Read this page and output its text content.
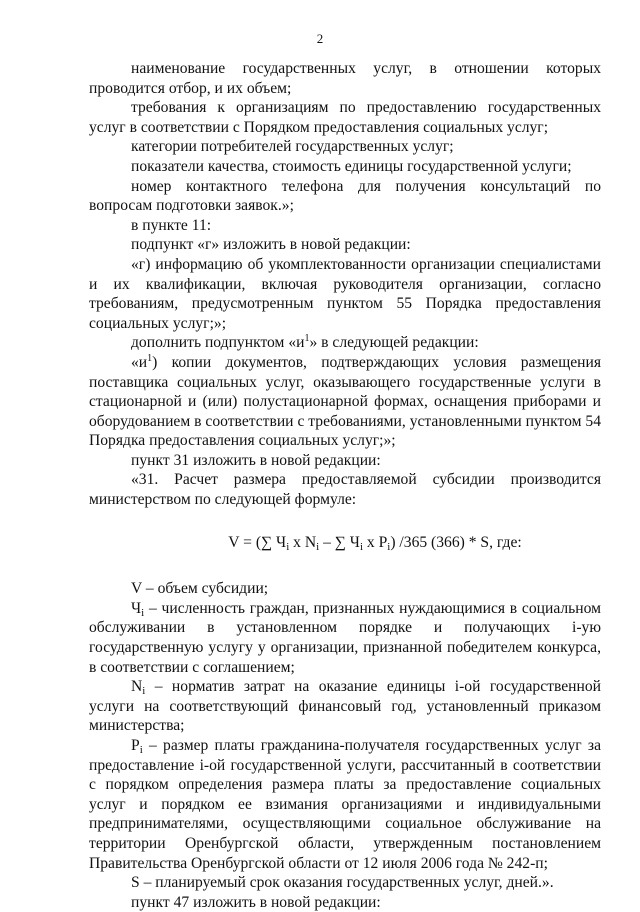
2

наименование государственных услуг, в отношении которых проводится отбор, и их объем;

требования к организациям по предоставлению государственных услуг в соответствии с Порядком предоставления социальных услуг;

категории потребителей государственных услуг;

показатели качества, стоимость единицы государственной услуги;

номер контактного телефона для получения консультаций по вопросам подготовки заявок.»;

в пункте 11:

подпункт «г» изложить в новой редакции:

«г) информацию об укомплектованности организации специалистами и их квалификации, включая руководителя организации, согласно требованиям, предусмотренным пунктом 55 Порядка предоставления социальных услуг;»;

дополнить подпунктом «$и^1$» в следующей редакции:

«$и^1$) копии документов, подтверждающих условия размещения поставщика социальных услуг, оказывающего государственные услуги в стационарной и (или) полустационарной формах, оснащения приборами и оборудованием в соответствии с требованиями, установленными пунктом 54 Порядка предоставления социальных услуг;»;

пункт 31 изложить в новой редакции:

«31. Расчет размера предоставляемой субсидии производится министерством по следующей формуле:

V = (∑ $Ч_i$ х $N_i$ – ∑ $Ч_i$ х $P_i$) /365 (366) * S, где:

V – объем субсидии;

$Ч_i$ – численность граждан, признанных нуждающимися в социальном обслуживании в установленном порядке и получающих i-ую государственную услугу у организации, признанной победителем конкурса, в соответствии с соглашением;

$N_i$ – норматив затрат на оказание единицы i-ой государственной услуги на соответствующий финансовый год, установленный приказом министерства;

$P_i$ – размер платы гражданина-получателя государственных услуг за предоставление i-ой государственной услуги, рассчитанный в соответствии с порядком определения размера платы за предоставление социальных услуг и порядком ее взимания организациями и индивидуальными предпринимателями, осуществляющими социальное обслуживание на территории Оренбургской области, утвержденным постановлением Правительства Оренбургской области от 12 июля 2006 года № 242-п;

S – планируемый срок оказания государственных услуг, дней.».

пункт 47 изложить в новой редакции:
